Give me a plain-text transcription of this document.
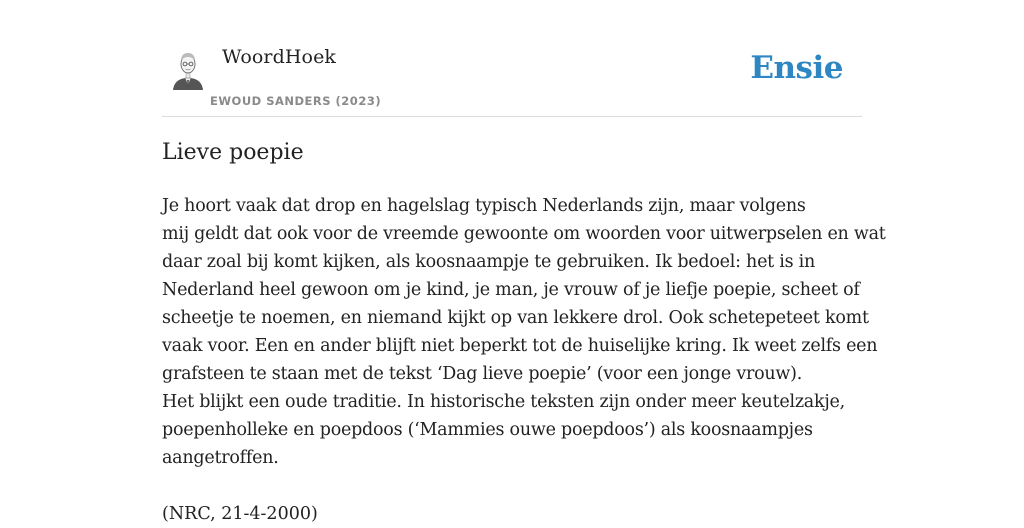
WoordHoek
EWOUD SANDERS (2023)
Ensie
Lieve poepie
Je hoort vaak dat drop en hagelslag typisch Nederlands zijn, maar volgens
mij geldt dat ook voor de vreemde gewoonte om woorden voor uitwerpselen en wat
daar zoal bij komt kijken, als koosnaampje te gebruiken. Ik bedoel: het is in
Nederland heel gewoon om je kind, je man, je vrouw of je liefje poepie, scheet of
scheetje te noemen, en niemand kijkt op van lekkere drol. Ook schetepeteet komt
vaak voor. Een en ander blijft niet beperkt tot de huiselijke kring. Ik weet zelfs een
grafsteen te staan met de tekst ‘Dag lieve poepie’ (voor een jonge vrouw).
Het blijkt een oude traditie. In historische teksten zijn onder meer keutelzakje,
poepenholleke en poepdoos (‘Mammies ouwe poepdoos’) als koosnaampjes
aangetroffen.
(NRC, 21-4-2000)
